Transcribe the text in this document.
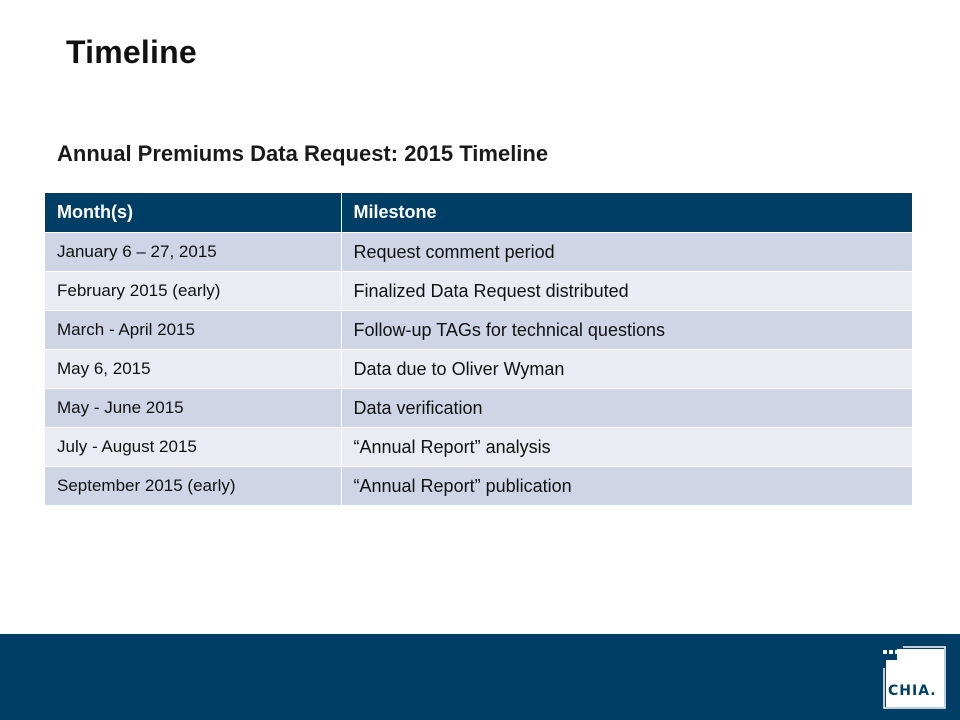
Timeline
Annual Premiums Data Request: 2015 Timeline
Month(s)	Milestone
January 6 – 27, 2015	Request comment period
February 2015 (early)	Finalized Data Request distributed
March - April 2015	Follow-up TAGs for technical questions
May 6, 2015	Data due to Oliver Wyman
May - June 2015	Data verification
July - August 2015	“Annual Report” analysis
September 2015 (early)	“Annual Report” publication
CHIA.
